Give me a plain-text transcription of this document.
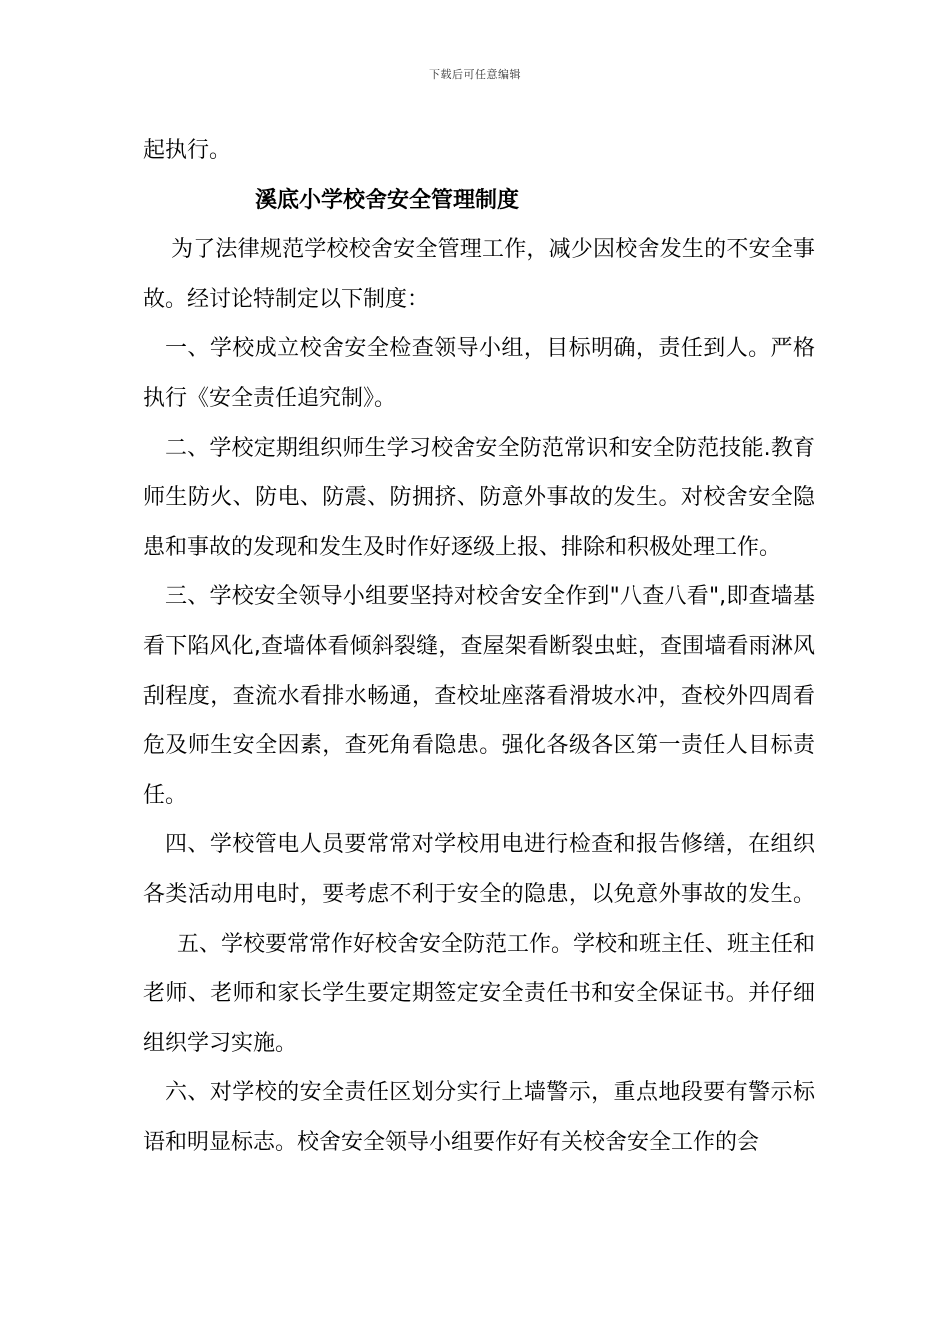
下载后可任意编辑

起执行。

溪底小学校舍安全管理制度

为了法律规范学校校舍安全管理工作，减少因校舍发生的不安全事故。经讨论特制定以下制度：

一、学校成立校舍安全检查领导小组，目标明确，责任到人。严格执行《安全责任追究制》。

二、学校定期组织师生学习校舍安全防范常识和安全防范技能.教育师生防火、防电、防震、防拥挤、防意外事故的发生。对校舍安全隐患和事故的发现和发生及时作好逐级上报、排除和积极处理工作。

三、学校安全领导小组要坚持对校舍安全作到"八查八看",即查墙基看下陷风化,查墙体看倾斜裂缝，查屋架看断裂虫蛀，查围墙看雨淋风刮程度，查流水看排水畅通，查校址座落看滑坡水冲，查校外四周看危及师生安全因素，查死角看隐患。强化各级各区第一责任人目标责任。

四、学校管电人员要常常对学校用电进行检查和报告修缮，在组织各类活动用电时，要考虑不利于安全的隐患，以免意外事故的发生。五、学校要常常作好校舍安全防范工作。学校和班主任、班主任和老师、老师和家长学生要定期签定安全责任书和安全保证书。并仔细组织学习实施。

六、对学校的安全责任区划分实行上墙警示，重点地段要有警示标语和明显标志。校舍安全领导小组要作好有关校舍安全工作的会
